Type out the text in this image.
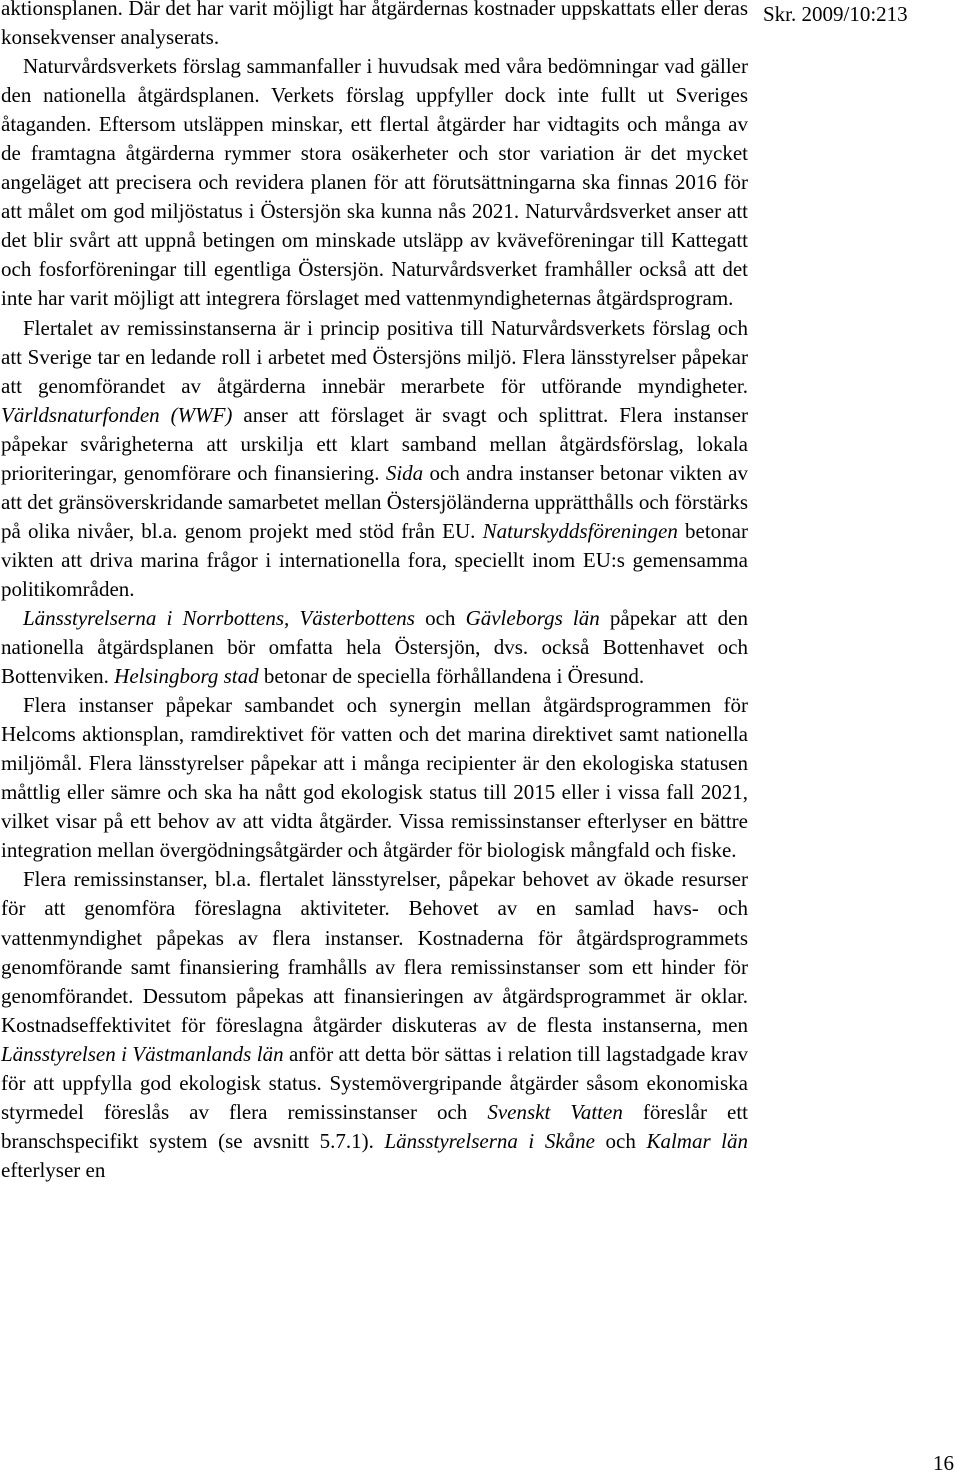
Skr. 2009/10:213

aktionsplanen. Där det har varit möjligt har åtgärdernas kostnader uppskattats eller deras konsekvenser analyserats.

Naturvårdsverkets förslag sammanfaller i huvudsak med våra bedömningar vad gäller den nationella åtgärdsplanen. Verkets förslag uppfyller dock inte fullt ut Sveriges åtaganden. Eftersom utsläppen minskar, ett flertal åtgärder har vidtagits och många av de framtagna åtgärderna rymmer stora osäkerheter och stor variation är det mycket angeläget att precisera och revidera planen för att förutsättningarna ska finnas 2016 för att målet om god miljöstatus i Östersjön ska kunna nås 2021. Naturvårdsverket anser att det blir svårt att uppnå betingen om minskade utsläpp av kväveföreningar till Kattegatt och fosforföreningar till egentliga Östersjön. Naturvårdsverket framhåller också att det inte har varit möjligt att integrera förslaget med vattenmyndigheternas åtgärdsprogram.

Flertalet av remissinstanserna är i princip positiva till Naturvårdsverkets förslag och att Sverige tar en ledande roll i arbetet med Östersjöns miljö. Flera länsstyrelser påpekar att genomförandet av åtgärderna innebär merarbete för utförande myndigheter. Världsnaturfonden (WWF) anser att förslaget är svagt och splittrat. Flera instanser påpekar svårigheterna att urskilja ett klart samband mellan åtgärdsförslag, lokala prioriteringar, genomförare och finansiering. Sida och andra instanser betonar vikten av att det gränsöverskridande samarbetet mellan Östersjöländerna upprätthålls och förstärks på olika nivåer, bl.a. genom projekt med stöd från EU. Naturskyddsföreningen betonar vikten att driva marina frågor i internationella fora, speciellt inom EU:s gemensamma politikområden.

Länsstyrelserna i Norrbottens, Västerbottens och Gävleborgs län påpekar att den nationella åtgärdsplanen bör omfatta hela Östersjön, dvs. också Bottenhavet och Bottenviken. Helsingborg stad betonar de speciella förhållandena i Öresund.

Flera instanser påpekar sambandet och synergin mellan åtgärdsprogrammen för Helcoms aktionsplan, ramdirektivet för vatten och det marina direktivet samt nationella miljömål. Flera länsstyrelser påpekar att i många recipienter är den ekologiska statusen måttlig eller sämre och ska ha nått god ekologisk status till 2015 eller i vissa fall 2021, vilket visar på ett behov av att vidta åtgärder. Vissa remissinstanser efterlyser en bättre integration mellan övergödningsåtgärder och åtgärder för biologisk mångfald och fiske.

Flera remissinstanser, bl.a. flertalet länsstyrelser, påpekar behovet av ökade resurser för att genomföra föreslagna aktiviteter. Behovet av en samlad havs- och vattenmyndighet påpekas av flera instanser. Kostnaderna för åtgärdsprogrammets genomförande samt finansiering framhålls av flera remissinstanser som ett hinder för genomförandet. Dessutom påpekas att finansieringen av åtgärdsprogrammet är oklar. Kostnadseffektivitet för föreslagna åtgärder diskuteras av de flesta instanserna, men Länsstyrelsen i Västmanlands län anför att detta bör sättas i relation till lagstadgade krav för att uppfylla god ekologisk status. Systemövergripande åtgärder såsom ekonomiska styrmedel föreslås av flera remissinstanser och Svenskt Vatten föreslår ett branschspecifikt system (se avsnitt 5.7.1). Länsstyrelserna i Skåne och Kalmar län efterlyser en

16
